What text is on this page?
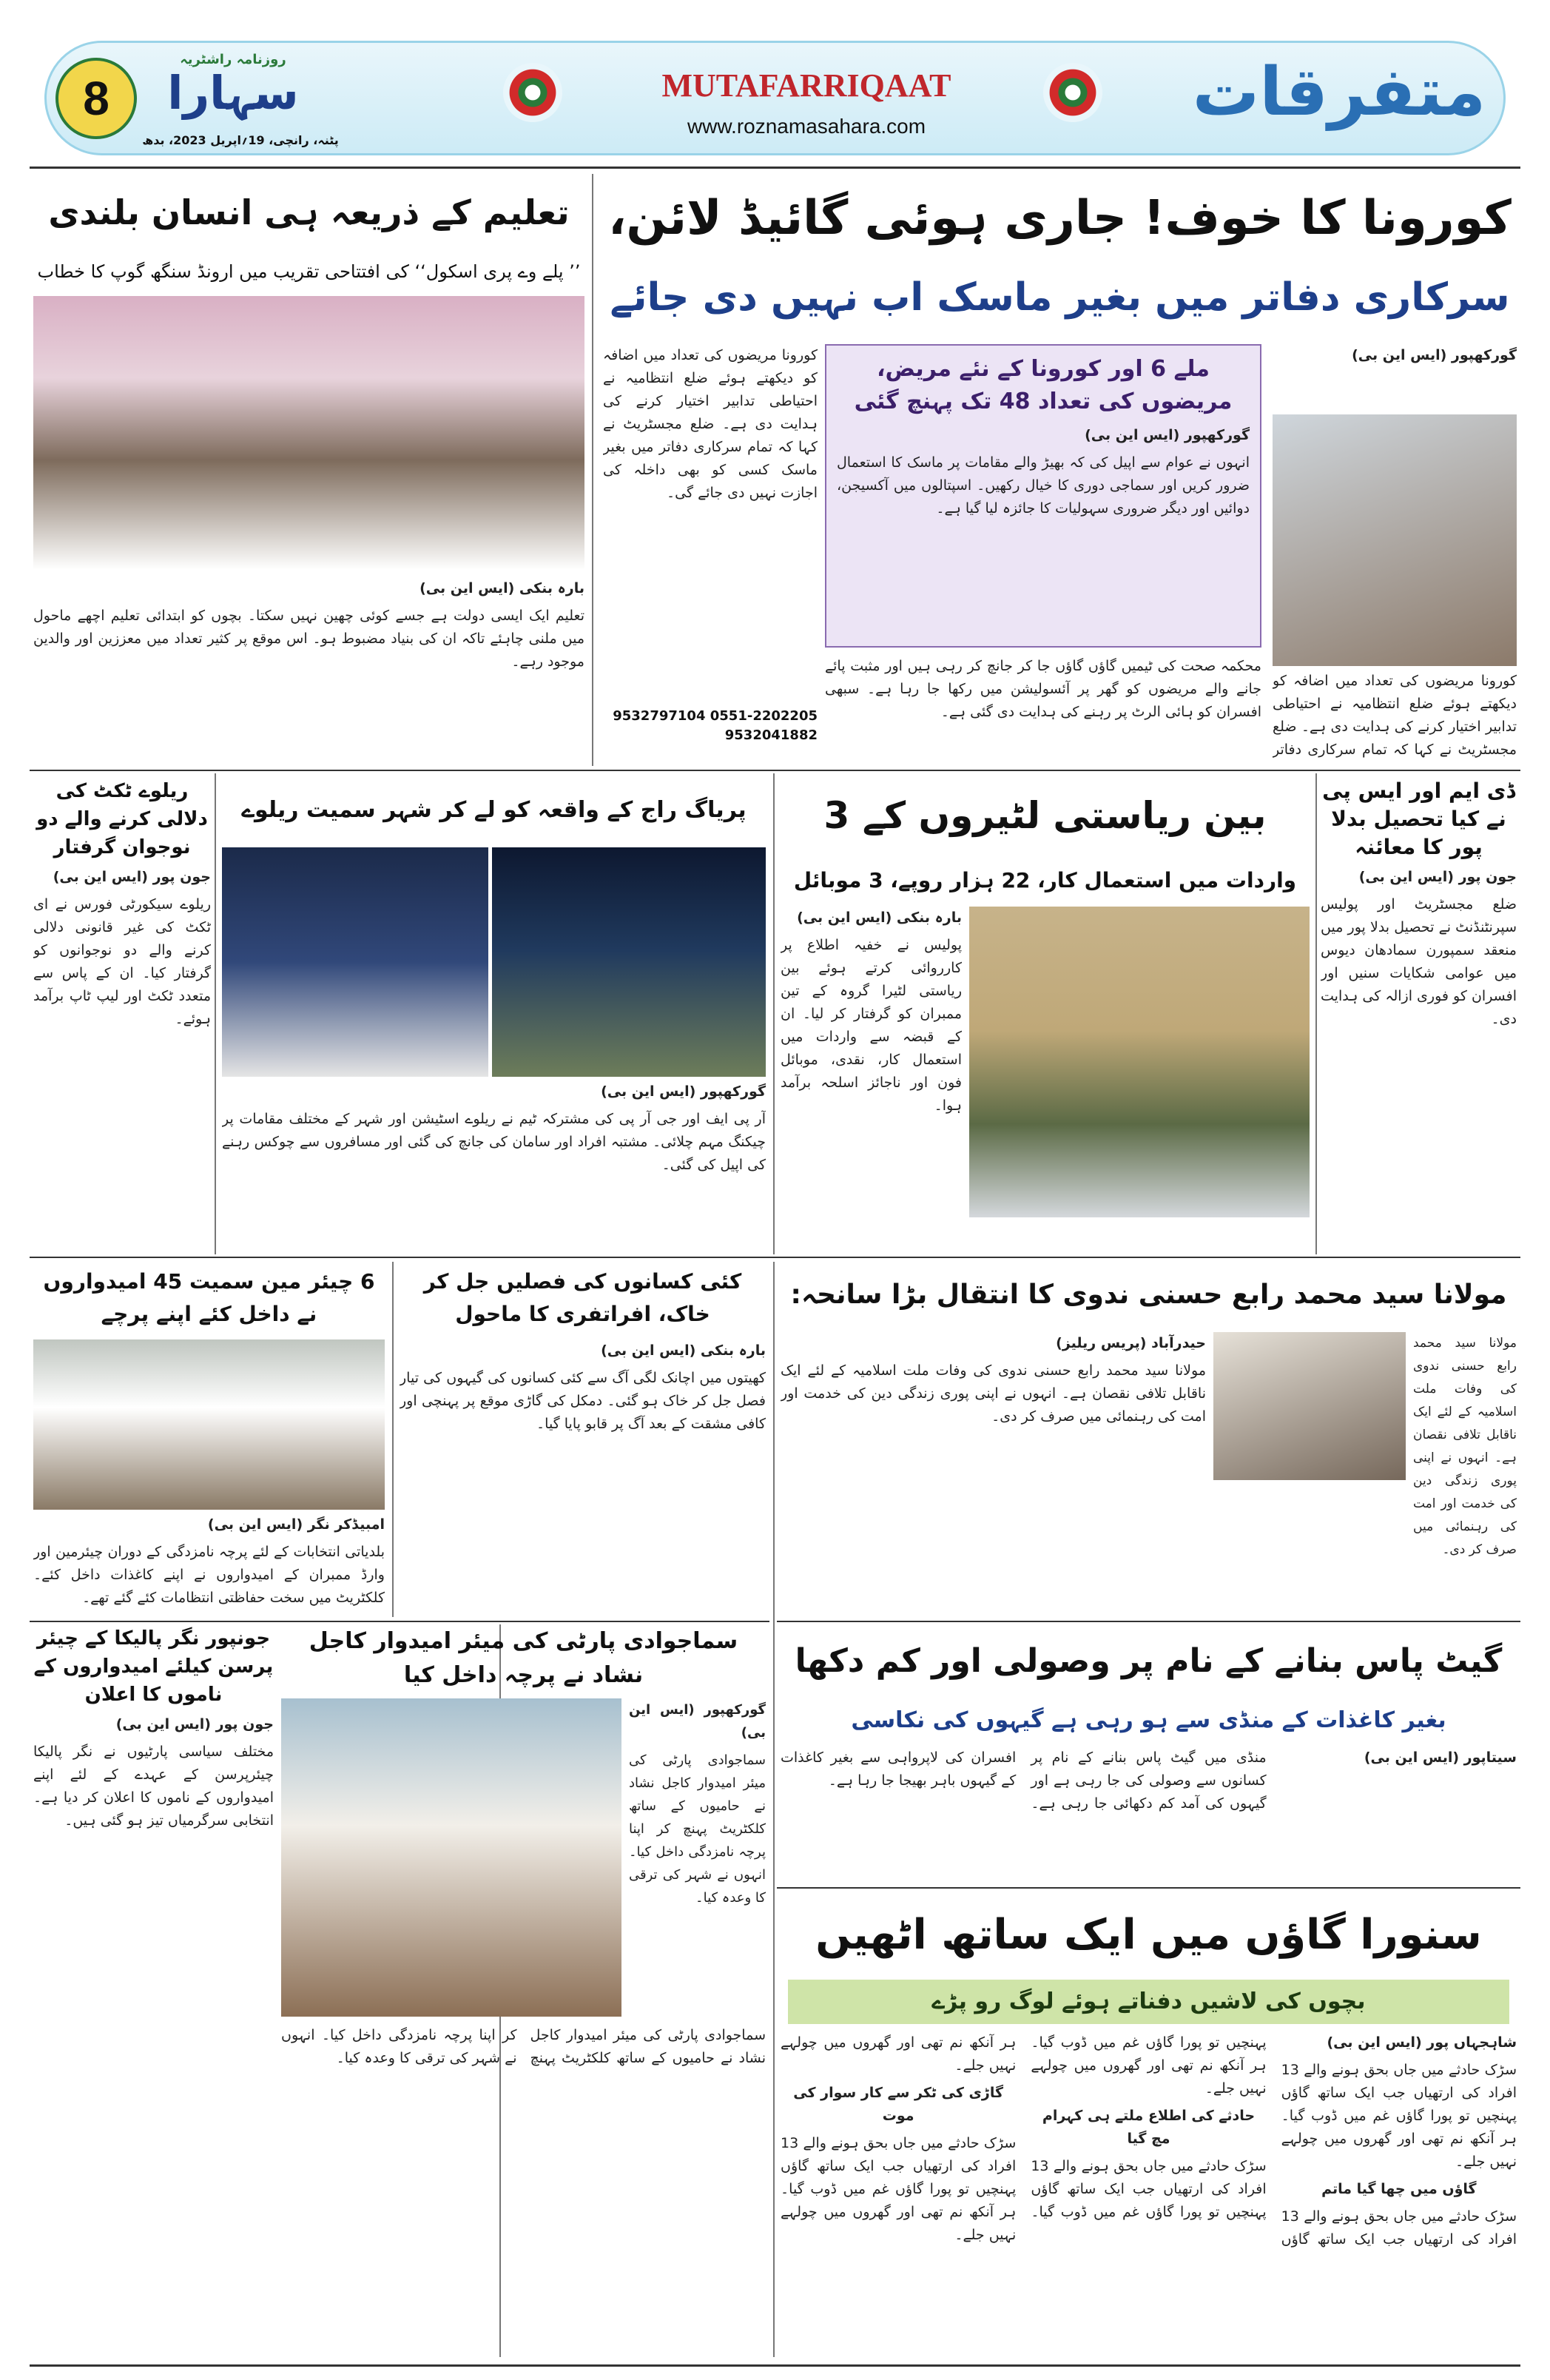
8
روزنامہ راشٹریہ
سہارا
پٹنہ، رانچی، 19؍اپریل 2023، بدھ
MUTAFARRIQAAT
www.roznamasahara.com	متفرقات
کورونا کا خوف! جاری ہوئی گائیڈ لائن،
سرکاری دفاتر میں بغیر ماسک اب نہیں دی جائے

گورکھپور (ایس این بی)

کورونا مریضوں کی تعداد میں اضافہ کو دیکھتے ہوئے ضلع انتظامیہ نے احتیاطی تدابیر اختیار کرنے کی ہدایت دی ہے۔ ضلع مجسٹریٹ نے کہا کہ تمام سرکاری دفاتر
ملے 6 اور کورونا کے نئے مریض، مریضوں کی تعداد 48 تک پہنچ گئی

گورکھپور (ایس این بی)

انہوں نے عوام سے اپیل کی کہ بھیڑ والے مقامات پر ماسک کا استعمال ضرور کریں اور سماجی دوری کا خیال رکھیں۔ اسپتالوں میں آکسیجن، دوائیں اور دیگر ضروری سہولیات کا جائزہ لیا گیا ہے۔

محکمہ صحت کی ٹیمیں گاؤں گاؤں جا کر جانچ کر رہی ہیں اور مثبت پائے جانے والے مریضوں کو گھر پر آئسولیشن میں رکھا جا رہا ہے۔ سبھی افسران کو ہائی الرٹ پر رہنے کی ہدایت دی گئی ہے۔
کورونا مریضوں کی تعداد میں اضافہ کو دیکھتے ہوئے ضلع انتظامیہ نے احتیاطی تدابیر اختیار کرنے کی ہدایت دی ہے۔ ضلع مجسٹریٹ نے کہا کہ تمام سرکاری دفاتر میں بغیر ماسک کسی کو بھی داخلہ کی اجازت نہیں دی جائے گی۔
0551-2202205 9532797104 9532041882
تعلیم کے ذریعہ ہی انسان بلندی
’’ پلے وے پری اسکول‘‘ کی افتتاحی تقریب میں ارونڈ سنگھ گوپ کا خطاب

بارہ بنکی (ایس این بی)

تعلیم ایک ایسی دولت ہے جسے کوئی چھین نہیں سکتا۔ بچوں کو ابتدائی تعلیم اچھے ماحول میں ملنی چاہئے تاکہ ان کی بنیاد مضبوط ہو۔ اس موقع پر کثیر تعداد میں معززین اور والدین موجود رہے۔

ڈی ایم اور ایس پی نے کیا تحصیل بدلا پور کا معائنہ

جون پور (ایس این بی)

ضلع مجسٹریٹ اور پولیس سپرنٹنڈنٹ نے تحصیل بدلا پور میں منعقد سمپورن سمادھان دیوس میں عوامی شکایات سنیں اور افسران کو فوری ازالہ کی ہدایت دی۔

بین ریاستی لٹیروں کے 3
واردات میں استعمال کار، 22 ہزار روپے، 3 موبائل

بارہ بنکی (ایس این بی)

پولیس نے خفیہ اطلاع پر کارروائی کرتے ہوئے بین ریاستی لٹیرا گروہ کے تین ممبران کو گرفتار کر لیا۔ ان کے قبضہ سے واردات میں استعمال کار، نقدی، موبائل فون اور ناجائز اسلحہ برآمد ہوا۔

پریاگ راج کے واقعہ کو لے کر شہر سمیت ریلوے

گورکھپور (ایس این بی)

آر پی ایف اور جی آر پی کی مشترکہ ٹیم نے ریلوے اسٹیشن اور شہر کے مختلف مقامات پر چیکنگ مہم چلائی۔ مشتبہ افراد اور سامان کی جانچ کی گئی اور مسافروں سے چوکس رہنے کی اپیل کی گئی۔

ریلوے ٹکٹ کی دلالی کرنے والے دو نوجوان گرفتار

جون پور (ایس این بی)

ریلوے سیکورٹی فورس نے ای ٹکٹ کی غیر قانونی دلالی کرنے والے دو نوجوانوں کو گرفتار کیا۔ ان کے پاس سے متعدد ٹکٹ اور لیپ ٹاپ برآمد ہوئے۔

مولانا سید محمد رابع حسنی ندوی کا انتقال بڑا سانحہ:

حیدرآباد (پریس ریلیز)

مولانا سید محمد رابع حسنی ندوی کی وفات ملت اسلامیہ کے لئے ایک ناقابل تلافی نقصان ہے۔ انہوں نے اپنی پوری زندگی دین کی خدمت اور امت کی رہنمائی میں صرف کر دی۔

مولانا سید محمد رابع حسنی ندوی کی وفات ملت اسلامیہ کے لئے ایک ناقابل تلافی نقصان ہے۔ انہوں نے اپنی پوری زندگی دین کی خدمت اور امت کی رہنمائی میں صرف کر دی۔
کئی کسانوں کی فصلیں جل کر خاک، افراتفری کا ماحول

بارہ بنکی (ایس این بی)

کھیتوں میں اچانک لگی آگ سے کئی کسانوں کی گیہوں کی تیار فصل جل کر خاک ہو گئی۔ دمکل کی گاڑی موقع پر پہنچی اور کافی مشقت کے بعد آگ پر قابو پایا گیا۔

6 چیئر مین سمیت 45 امیدواروں نے داخل کئے اپنے پرچے

امبیڈکر نگر (ایس این بی)

بلدیاتی انتخابات کے لئے پرچہ نامزدگی کے دوران چیئرمین اور وارڈ ممبران کے امیدواروں نے اپنے کاغذات داخل کئے۔ کلکٹریٹ میں سخت حفاظتی انتظامات کئے گئے تھے۔

گیٹ پاس بنانے کے نام پر وصولی اور کم دکھا
بغیر کاغذات کے منڈی سے ہو رہی ہے گیہوں کی نکاسی

سیتاپور (ایس این بی)

منڈی میں گیٹ پاس بنانے کے نام پر کسانوں سے وصولی کی جا رہی ہے اور گیہوں کی آمد کم دکھائی جا رہی ہے۔ افسران کی لاپرواہی سے بغیر کاغذات کے گیہوں باہر بھیجا جا رہا ہے۔

سنورا گاؤں میں ایک ساتھ اٹھیں
بچوں کی لاشیں دفناتے ہوئے لوگ رو پڑے

شاہجہاں پور (ایس این بی)

سڑک حادثے میں جاں بحق ہونے والے 13 افراد کی ارتھیاں جب ایک ساتھ گاؤں پہنچیں تو پورا گاؤں غم میں ڈوب گیا۔ ہر آنکھ نم تھی اور گھروں میں چولہے نہیں جلے۔

گاؤں میں چھا گیا ماتم

سڑک حادثے میں جاں بحق ہونے والے 13 افراد کی ارتھیاں جب ایک ساتھ گاؤں پہنچیں تو پورا گاؤں غم میں ڈوب گیا۔ ہر آنکھ نم تھی اور گھروں میں چولہے نہیں جلے۔

حادثے کی اطلاع ملتے ہی کہرام مچ گیا

سڑک حادثے میں جاں بحق ہونے والے 13 افراد کی ارتھیاں جب ایک ساتھ گاؤں پہنچیں تو پورا گاؤں غم میں ڈوب گیا۔ ہر آنکھ نم تھی اور گھروں میں چولہے نہیں جلے۔

گاڑی کی ٹکر سے کار سوار کی موت

سڑک حادثے میں جاں بحق ہونے والے 13 افراد کی ارتھیاں جب ایک ساتھ گاؤں پہنچیں تو پورا گاؤں غم میں ڈوب گیا۔ ہر آنکھ نم تھی اور گھروں میں چولہے نہیں جلے۔

سماجوادی پارٹی کی میئر امیدوار کاجل نشاد نے پرچہ داخل کیا

گورکھپور (ایس این بی)

سماجوادی پارٹی کی میئر امیدوار کاجل نشاد نے حامیوں کے ساتھ کلکٹریٹ پہنچ کر اپنا پرچہ نامزدگی داخل کیا۔ انہوں نے شہر کی ترقی کا وعدہ کیا۔

سماجوادی پارٹی کی میئر امیدوار کاجل نشاد نے حامیوں کے ساتھ کلکٹریٹ پہنچ کر اپنا پرچہ نامزدگی داخل کیا۔ انہوں نے شہر کی ترقی کا وعدہ کیا۔
جونپور نگر پالیکا کے چیئر پرسن کیلئے امیدواروں کے ناموں کا اعلان

جون پور (ایس این بی)

مختلف سیاسی پارٹیوں نے نگر پالیکا چیئرپرسن کے عہدے کے لئے اپنے امیدواروں کے ناموں کا اعلان کر دیا ہے۔ انتخابی سرگرمیاں تیز ہو گئی ہیں۔
